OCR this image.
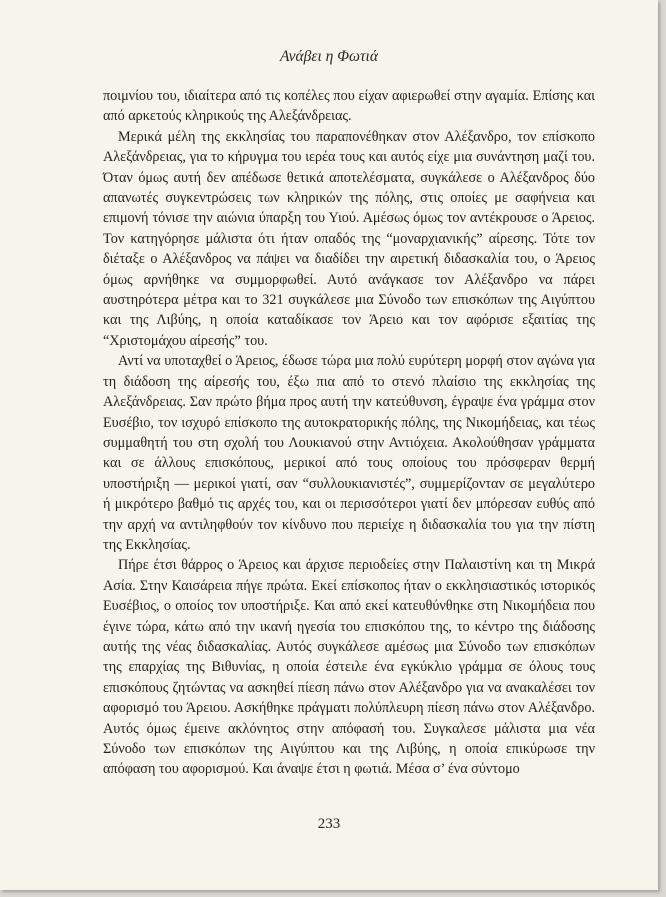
Ανάβει η Φωτιά

ποιμνίου του, ιδιαίτερα από τις κοπέλες που είχαν αφιερωθεί στην αγαμία. Επίσης και από αρκετούς κληρικούς της Αλεξάνδρειας.

Μερικά μέλη της εκκλησίας του παραπονέθηκαν στον Αλέξανδρο, τον επίσκοπο Αλεξάνδρειας, για το κήρυγμα του ιερέα τους και αυτός είχε μια συνάντηση μαζί του. Όταν όμως αυτή δεν απέδωσε θετικά αποτελέσματα, συγκάλεσε ο Αλέξανδρος δύο απανωτές συγκεντρώσεις των κληρικών της πόλης, στις οποίες με σαφήνεια και επιμονή τόνισε την αιώνια ύπαρξη του Υιού. Αμέσως όμως τον αντέκρουσε ο Άρειος. Τον κατηγόρησε μάλιστα ότι ήταν οπαδός της “μοναρχιανικής” αίρεσης. Τότε τον διέταξε ο Αλέξανδρος να πάψει να διαδίδει την αιρετική διδασκαλία του, ο Άρειος όμως αρνήθηκε να συμμορφωθεί. Αυτό ανάγκασε τον Αλέξανδρο να πάρει αυστηρότερα μέτρα και το 321 συγκάλεσε μια Σύνοδο των επισκόπων της Αιγύπτου και της Λιβύης, η οποία καταδίκασε τον Άρειο και τον αφόρισε εξαιτίας της “Χριστομάχου αίρεσής” του.

Αντί να υποταχθεί ο Άρειος, έδωσε τώρα μια πολύ ευρύτερη μορφή στον αγώνα για τη διάδοση της αίρεσής του, έξω πια από το στενό πλαίσιο της εκκλησίας της Αλεξάνδρειας. Σαν πρώτο βήμα προς αυτή την κατεύθυνση, έγραψε ένα γράμμα στον Ευσέβιο, τον ισχυρό επίσκοπο της αυτοκρατορικής πόλης, της Νικομήδειας, και τέως συμμαθητή του στη σχολή του Λουκιανού στην Αντιόχεια. Ακολούθησαν γράμματα και σε άλλους επισκόπους, μερικοί από τους οποίους του πρόσφεραν θερμή υποστήριξη — μερικοί γιατί, σαν “συλλουκιανιστές”, συμμερίζονταν σε μεγαλύτερο ή μικρότερο βαθμό τις αρχές του, και οι περισσότεροι γιατί δεν μπόρεσαν ευθύς από την αρχή να αντιληφθούν τον κίνδυνο που περιείχε η διδασκαλία του για την πίστη της Εκκλησίας.

Πήρε έτσι θάρρος ο Άρειος και άρχισε περιοδείες στην Παλαιστίνη και τη Μικρά Ασία. Στην Καισάρεια πήγε πρώτα. Εκεί επίσκοπος ήταν ο εκκλησιαστικός ιστορικός Ευσέβιος, ο οποίος τον υποστήριξε. Και από εκεί κατευθύνθηκε στη Νικομήδεια που έγινε τώρα, κάτω από την ικανή ηγεσία του επισκόπου της, το κέντρο της διάδοσης αυτής της νέας διδασκαλίας. Αυτός συγκάλεσε αμέσως μια Σύνοδο των επισκόπων της επαρχίας της Βιθυνίας, η οποία έστειλε ένα εγκύκλιο γράμμα σε όλους τους επισκόπους ζητώντας να ασκηθεί πίεση πάνω στον Αλέξανδρο για να ανακαλέσει τον αφορισμό του Άρειου. Ασκήθηκε πράγματι πολύπλευρη πίεση πάνω στον Αλέξανδρο. Αυτός όμως έμεινε ακλόνητος στην απόφασή του. Συγκαλεσε μάλιστα μια νέα Σύνοδο των επισκόπων της Αιγύπτου και της Λιβύης, η οποία επικύρωσε την απόφαση του αφορισμού. Και άναψε έτσι η φωτιά. Μέσα σ’ ένα σύντομο

233
